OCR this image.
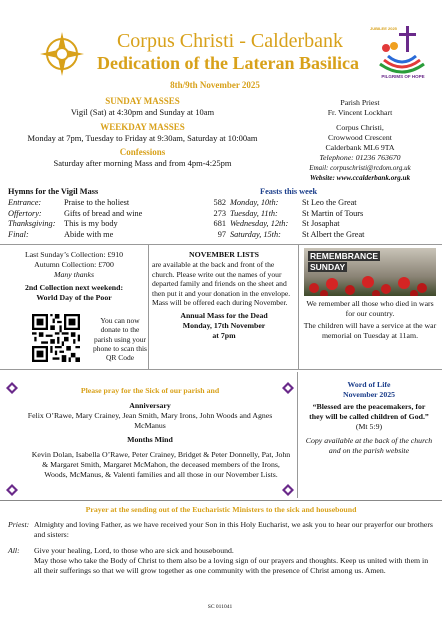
Corpus Christi - Calderbank
Dedication of the Lateran Basilica
8th/9th November 2025
JUBILEE 2025
PILGRIMS OF HOPE
SUNDAY MASSES
Vigil (Sat) at 4:30pm and Sunday at 10am
WEEKDAY MASSES
Monday at 7pm, Tuesday to Friday at 9:30am, Saturday at 10:00am
Confessions
Saturday after morning Mass and from 4pm-4:25pm
Parish Priest
Fr. Vincent Lockhart
Corpus Christi,
Crowwood Crescent
Calderbank ML6 9TA
Telephone: 01236 763670
Email: corpuschristi@rcdom.org.uk
Website: www.ccalderbank.org.uk
Hymns for the Vigil Mass	Feasts this week
Entrance:	Praise to the holiest	582
Offertory:	Gifts of bread and wine	273
Thanksgiving:	This is my body	681
Final:	Abide with me	97
Monday, 10th:	St Leo the Great
Tuesday, 11th:	St Martin of Tours
Wednesday, 12th:	St Josaphat
Saturday, 15th:	St Albert the Great
Last Sunday’s Collection: £910
Autumn Collection: £700
Many thanks
2nd Collection next weekend:
World Day of the Poor
You can now donate to the parish using your phone to scan this QR Code
NOVEMBER LISTS
are available at the back and front of the church. Please write out the names of your departed family and friends on the sheet and then put it and your donation in the envelope. Mass will be offered each during November.
Annual Mass for the Dead
Monday, 17th November
at 7pm
REMEMBRANCE
SUNDAY
We remember all those who died in wars for our country.
The children will have a service at the war memorial on Tuesday at 11am.
Please pray for the Sick of our parish and
Anniversary
Felix O’Rawe, Mary Crainey, Jean Smith, Mary Irons, John Woods and Agnes McManus
Months Mind
Kevin Dolan, Isabella O’Rawe, Peter Crainey, Bridget & Peter Donnelly, Pat, John & Margaret Smith, Margaret McMahon, the deceased members of the Irons, Woods, McManus, & Valenti families and all those in our November Lists.
Word of Life
November 2025
“Blessed are the peacemakers, for they will be called children of God.”
(Mt 5:9)
Copy available at the back of the church and on the parish website
Prayer at the sending out of the Eucharistic Ministers to the sick and housebound
Priest: Almighty and loving Father, as we have received your Son in this Holy Eucharist, we ask you to hear our prayerfor our brothers and sisters:
All:	Give your healing, Lord, to those who are sick and housebound.
May those who take the Body of Christ to them also be a loving sign of our prayers and thoughts. Keep us united with them in all their sufferings so that we will grow together as one community with the presence of Christ among us. Amen.
SC 011041
